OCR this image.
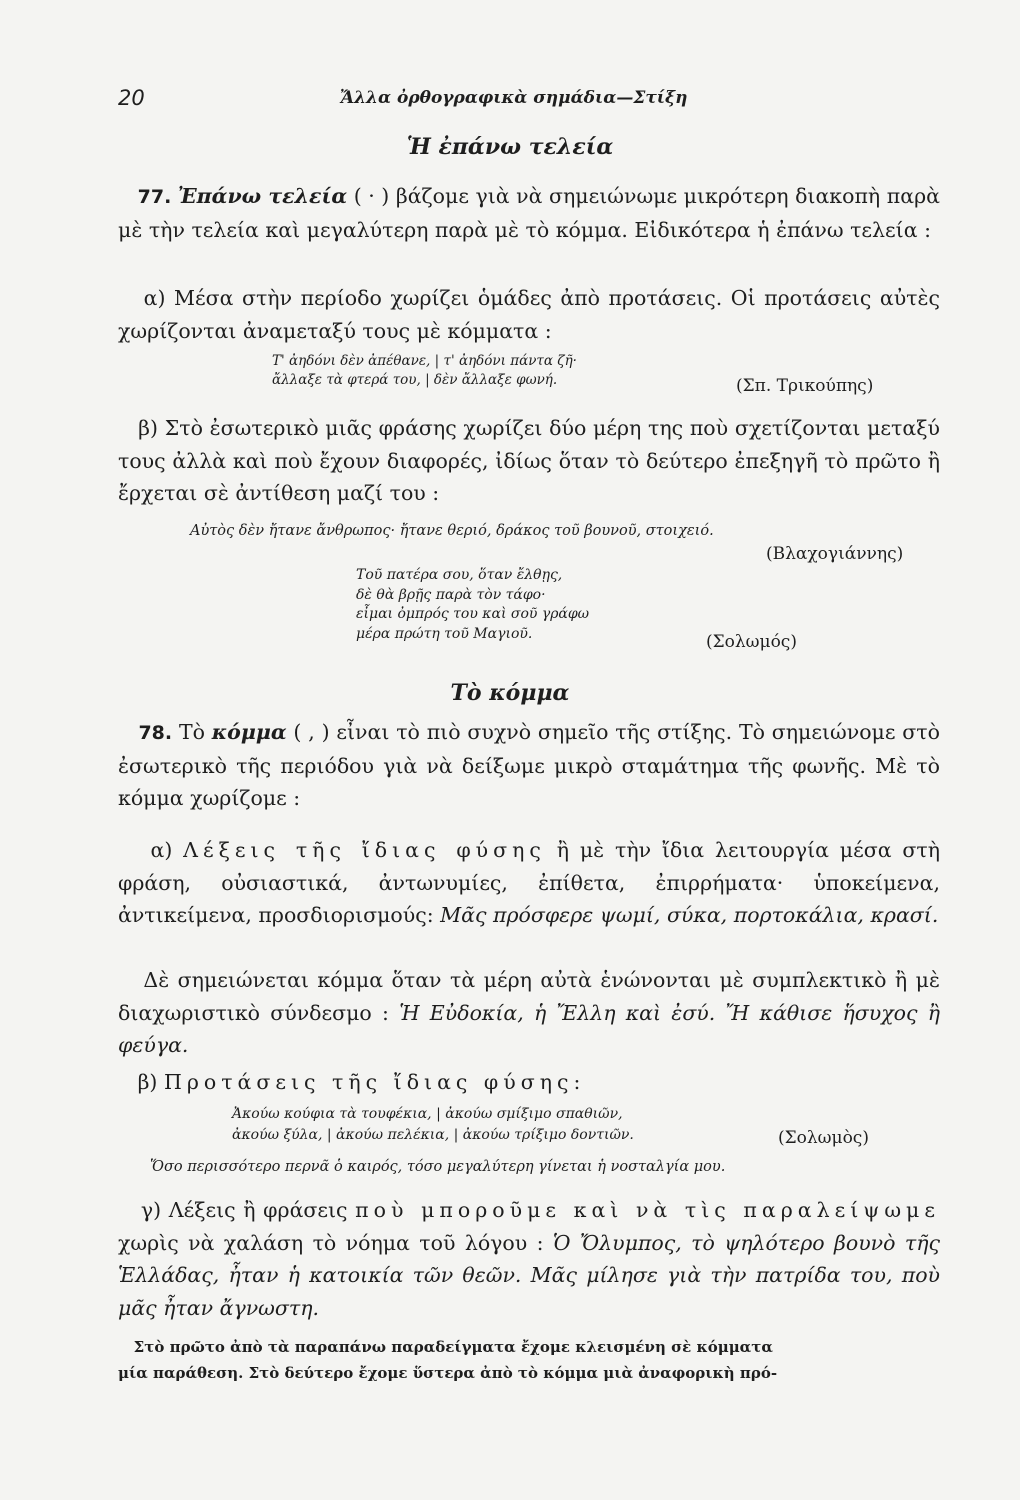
20	Ἄλλα ὀρθογραφικὰ σημάδια—Στίξη
Ἡ ἐπάνω τελεία

77. Ἐπάνω τελεία ( · ) βάζομε γιὰ νὰ σημειώνωμε μικρότερη διακοπὴ παρὰ μὲ τὴν τελεία καὶ μεγαλύτερη παρὰ μὲ τὸ κόμμα. Εἰδικότερα ἡ ἐπάνω τελεία :

α) Μέσα στὴν περίοδο χωρίζει ὁμάδες ἀπὸ προτάσεις. Οἱ προτάσεις αὐτὲς χωρίζονται ἀναμεταξύ τους μὲ κόμματα :

Τ' ἀηδόνι δὲν ἀπέθανε, | τ' ἀηδόνι πάντα ζῆ·
ἄλλαξε τὰ φτερά του, | δὲν ἄλλαξε φωνή.	(Σπ. Τρικούπης)

β) Στὸ ἐσωτερικὸ μιᾶς φράσης χωρίζει δύο μέρη της ποὺ σχετίζονται μεταξύ τους ἀλλὰ καὶ ποὺ ἔχουν διαφορές, ἰδίως ὅταν τὸ δεύτερο ἐπεξηγῆ τὸ πρῶτο ἢ ἔρχεται σὲ ἀντίθεση μαζί του :

Αὐτὸς δὲν ἤτανε ἄνθρωπος· ἤτανε θεριό, δράκος τοῦ βουνοῦ, στοιχειό.
(Βλαχογιάννης)
Τοῦ πατέρα σου, ὅταν ἔλθῃς,
δὲ θὰ βρῇς παρὰ τὸν τάφο·
εἶμαι ὀμπρός του καὶ σοῦ γράφω
μέρα πρώτη τοῦ Μαγιοῦ.	(Σολωμός)
Τὸ κόμμα

78. Τὸ κόμμα ( , ) εἶναι τὸ πιὸ συχνὸ σημεῖο τῆς στίξης. Τὸ σημειώνομε στὸ ἐσωτερικὸ τῆς περιόδου γιὰ νὰ δείξωμε μικρὸ σταμάτημα τῆς φωνῆς. Μὲ τὸ κόμμα χωρίζομε :

α) Λέξεις τῆς ἴδιας φύσης ἢ μὲ τὴν ἴδια λειτουργία μέσα στὴ φράση, οὐσιαστικά, ἀντωνυμίες, ἐπίθετα, ἐπιρρήματα· ὑποκείμενα, ἀντικείμενα, προσδιορισμούς: Μᾶς πρόσφερε ψωμί, σύκα, πορτοκάλια, κρασί.

Δὲ σημειώνεται κόμμα ὅταν τὰ μέρη αὐτὰ ἑνώνονται μὲ συμπλεκτικὸ ἢ μὲ διαχωριστικὸ σύνδεσμο : Ἡ Εὐδοκία, ἡ Ἔλλη καὶ ἐσύ. Ἤ κάθισε ἥσυχος ἢ φεύγα.

β) Προτάσεις τῆς ἴδιας φύσης:

Ἀκούω κούφια τὰ τουφέκια, | ἀκούω σμίξιμο σπαθιῶν,
ἀκούω ξύλα, | ἀκούω πελέκια, | ἀκούω τρίξιμο δοντιῶν.	(Σολωμὸς)
Ὅσο περισσότερο περνᾶ ὁ καιρός, τόσο μεγαλύτερη γίνεται ἡ νοσταλγία μου.

γ) Λέξεις ἢ φράσεις ποὺ μποροῦμε καὶ νὰ τὶς παραλείψωμε χωρὶς νὰ χαλάση τὸ νόημα τοῦ λόγου : Ὁ Ὄλυμπος, τὸ ψηλότερο βουνὸ τῆς Ἑλλάδας, ἦταν ἡ κατοικία τῶν θεῶν. Μᾶς μίλησε γιὰ τὴν πατρίδα του, ποὺ μᾶς ἦταν ἄγνωστη.

Στὸ πρῶτο ἀπὸ τὰ παραπάνω παραδείγματα ἔχομε κλεισμένη σὲ κόμματα

μία παράθεση. Στὸ δεύτερο ἔχομε ὕστερα ἀπὸ τὸ κόμμα μιὰ ἀναφορικὴ πρό-
